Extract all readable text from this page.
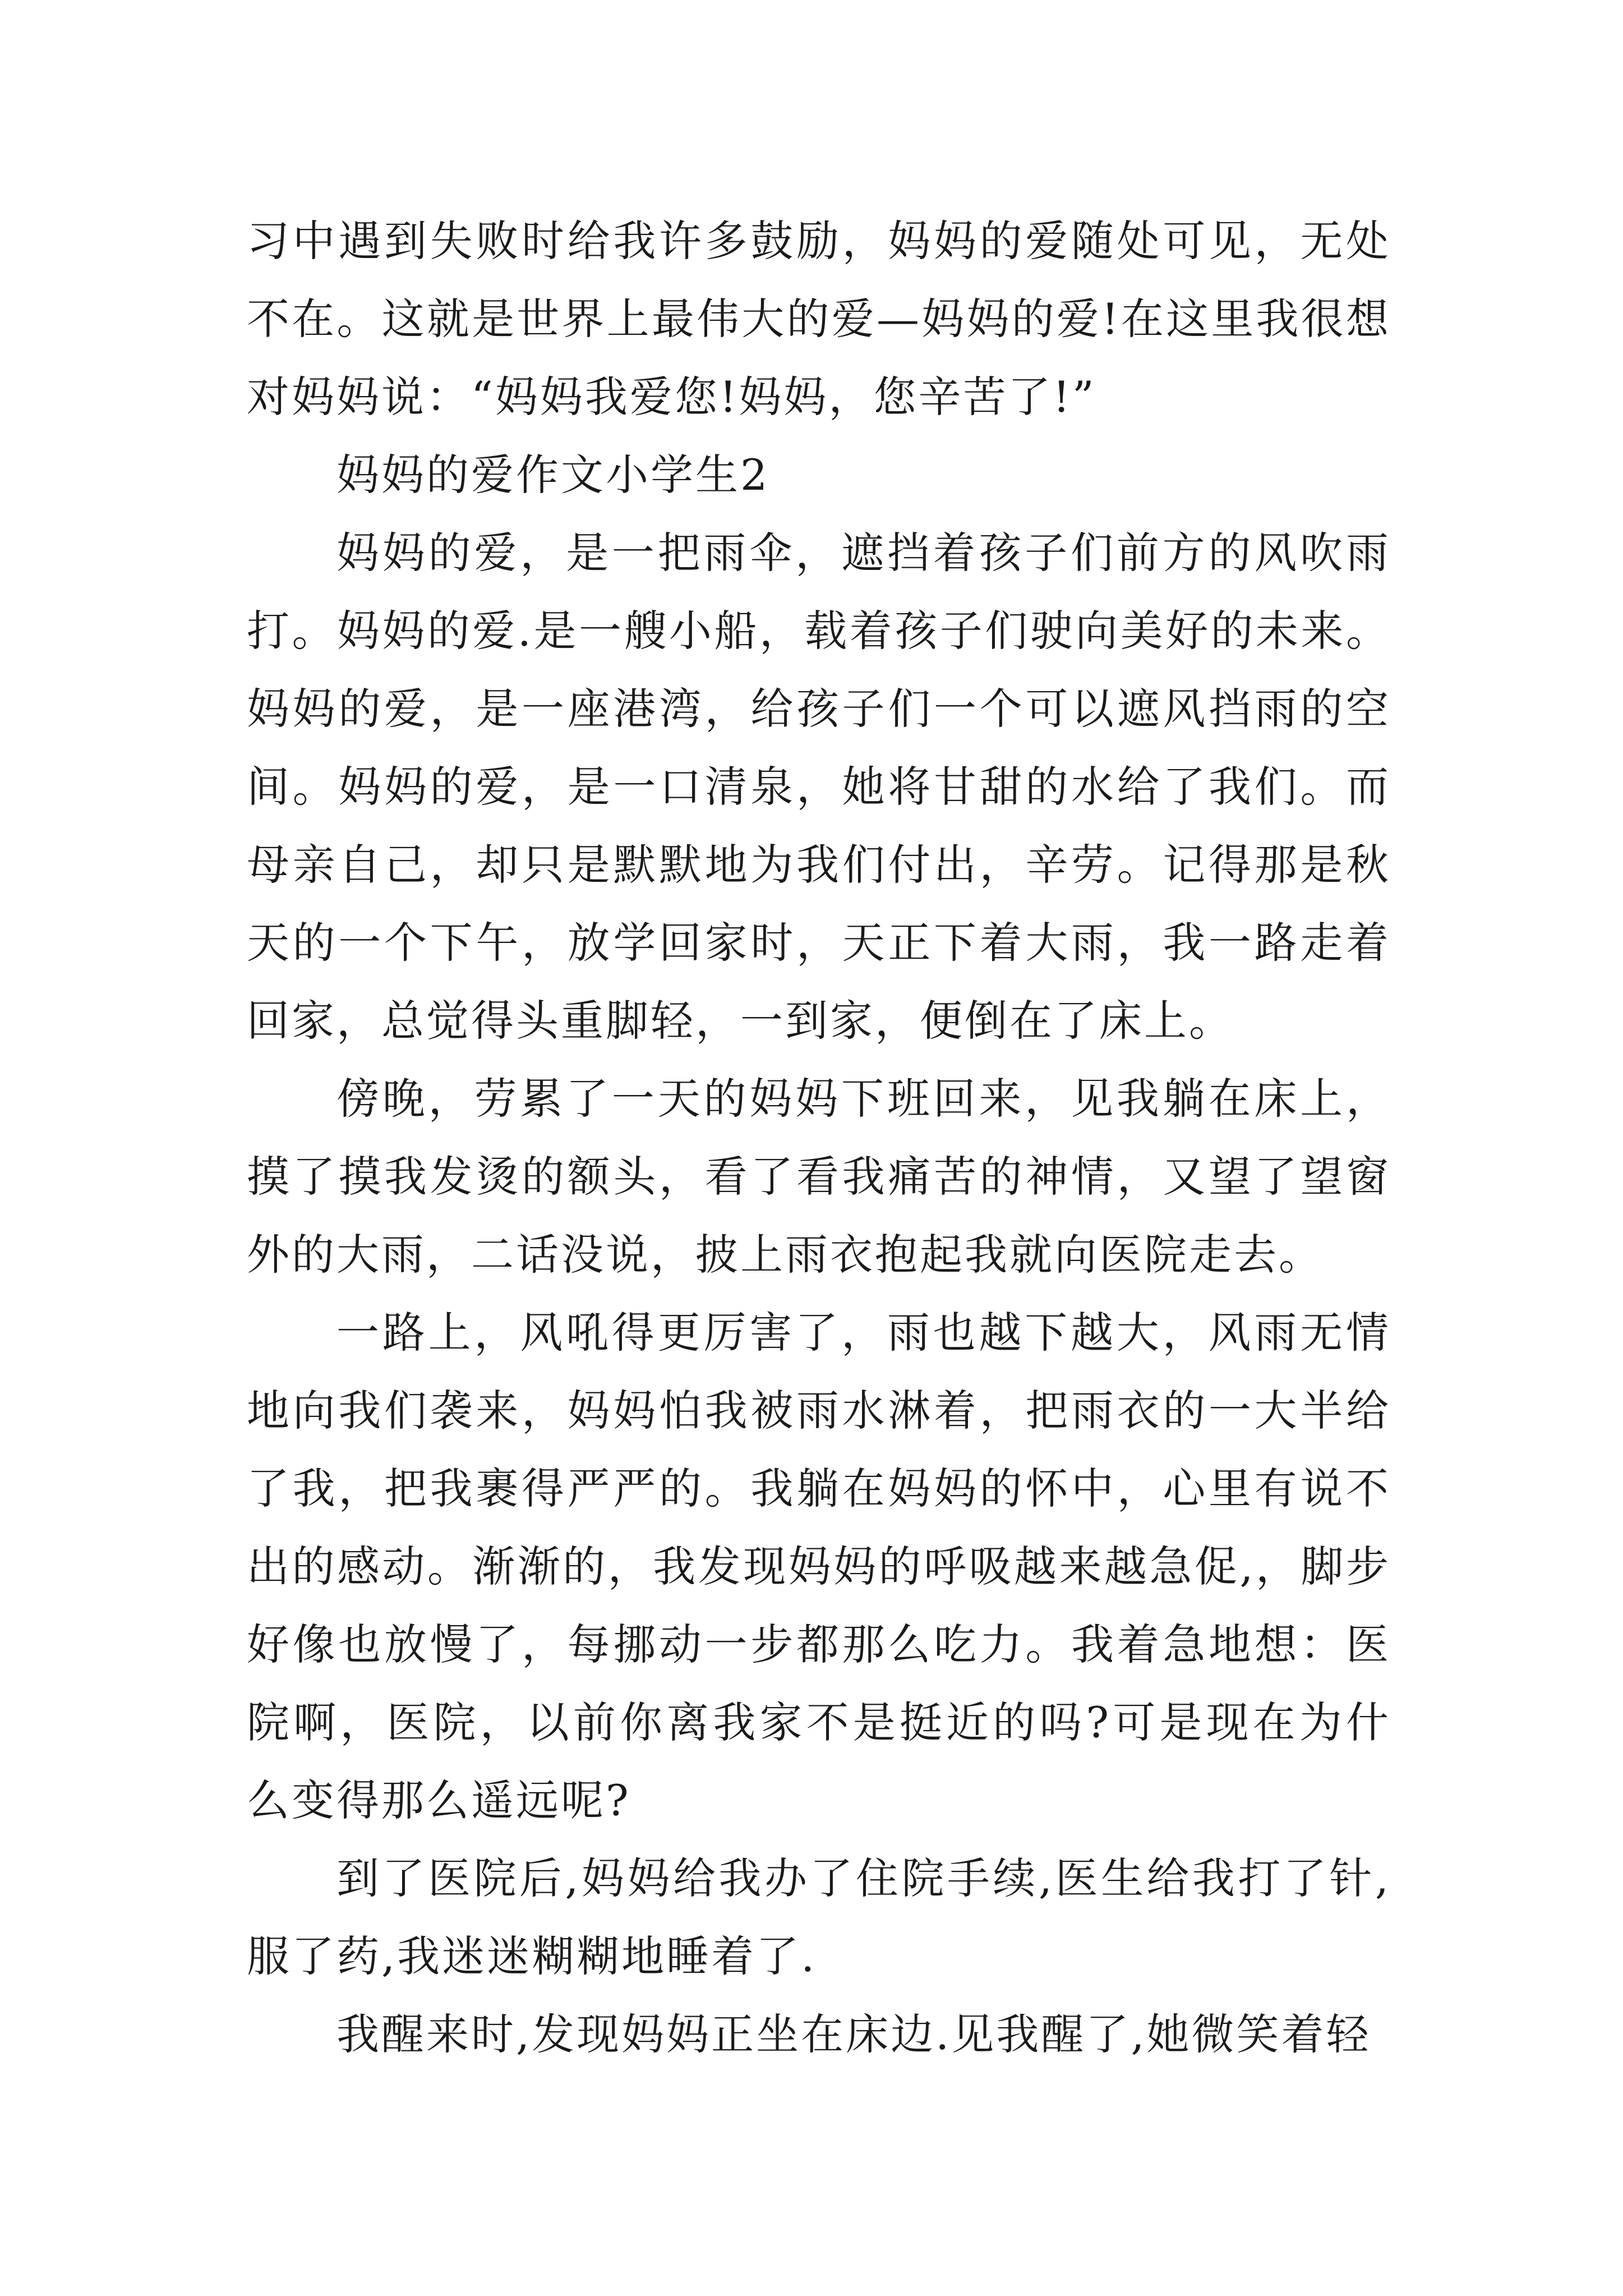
习中遇到失败时给我许多鼓励，妈妈的爱随处可见，无处不在。这就是世界上最伟大的爱—妈妈的爱!在这里我很想对妈妈说：“妈妈我爱您!妈妈，您辛苦了!”

妈妈的爱作文小学生2

妈妈的爱，是一把雨伞，遮挡着孩子们前方的风吹雨打。妈妈的爱.是一艘小船，载着孩子们驶向美好的未来。妈妈的爱，是一座港湾，给孩子们一个可以遮风挡雨的空间。妈妈的爱，是一口清泉，她将甘甜的水给了我们。而母亲自己，却只是默默地为我们付出，辛劳。记得那是秋天的一个下午，放学回家时，天正下着大雨，我一路走着回家，总觉得头重脚轻，一到家，便倒在了床上。

傍晚，劳累了一天的妈妈下班回来，见我躺在床上，摸了摸我发烫的额头，看了看我痛苦的神情，又望了望窗外的大雨，二话没说，披上雨衣抱起我就向医院走去。

一路上，风吼得更厉害了，雨也越下越大，风雨无情地向我们袭来，妈妈怕我被雨水淋着，把雨衣的一大半给了我，把我裹得严严的。我躺在妈妈的怀中，心里有说不出的感动。渐渐的，我发现妈妈的呼吸越来越急促,，脚步好像也放慢了，每挪动一步都那么吃力。我着急地想：医院啊，医院，以前你离我家不是挺近的吗?可是现在为什么变得那么遥远呢?

到了医院后,妈妈给我办了住院手续,医生给我打了针,服了药,我迷迷糊糊地睡着了.

我醒来时,发现妈妈正坐在床边.见我醒了,她微笑着轻
